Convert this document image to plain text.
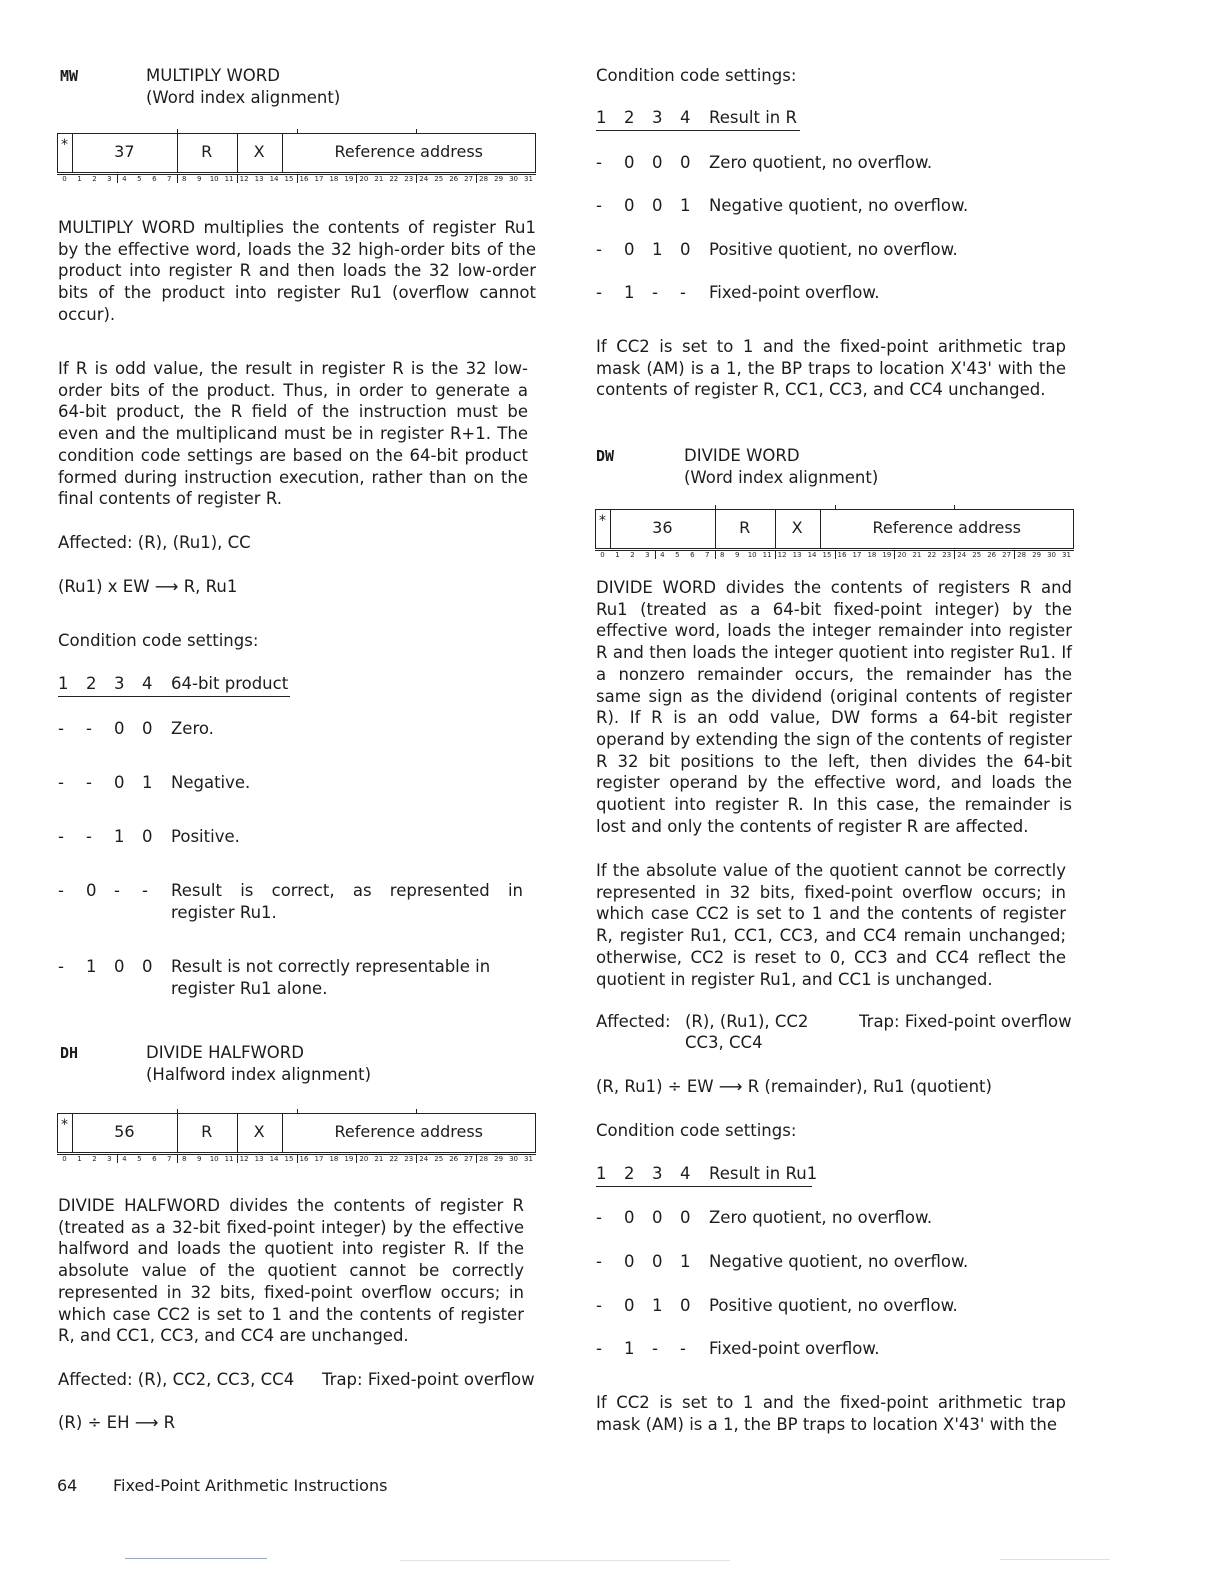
MW	MULTIPLY WORD
(Word index alignment)
*	37	R	X	Reference address
0 1 2 3 4 5 6 7 8 9 10 11 12 13 14 15 16 17 18 19 20 21 22 23 24 25 26 27 28 29 30 31
MULTIPLY WORD multiplies the contents of register Ru1 by the effective word, loads the 32 high-order bits of the product into register R and then loads the 32 low-order bits of the product into register Ru1 (overflow cannot occur).
If R is odd value, the result in register R is the 32 low-order bits of the product. Thus, in order to generate a 64-bit product, the R field of the instruction must be even and the multiplicand must be in register R+1. The condition code settings are based on the 64-bit product formed during instruction execution, rather than on the final contents of register R.
Affected: (R), (Ru1), CC
(Ru1) x EW ⟶ R, Ru1
Condition code settings:
1 2 3 4 64-bit product
- - 0 0 Zero.
- - 0 1 Negative.
- - 1 0 Positive.
- 0 - - Result is correct, as represented in register Ru1.
- 1 0 0 Result is not correctly representable in register Ru1 alone.
DH	DIVIDE HALFWORD
(Halfword index alignment)
*	56	R	X	Reference address
0 1 2 3 4 5 6 7 8 9 10 11 12 13 14 15 16 17 18 19 20 21 22 23 24 25 26 27 28 29 30 31
DIVIDE HALFWORD divides the contents of register R (treated as a 32-bit fixed-point integer) by the effective halfword and loads the quotient into register R. If the absolute value of the quotient cannot be correctly represented in 32 bits, fixed-point overflow occurs; in which case CC2 is set to 1 and the contents of register R, and CC1, CC3, and CC4 are unchanged.
Affected: (R), CC2, CC3, CC4 Trap: Fixed-point overflow
(R) ÷ EH ⟶ R
64 Fixed-Point Arithmetic Instructions
Condition code settings:
1 2 3 4 Result in R
- 0 0 0 Zero quotient, no overflow.
- 0 0 1 Negative quotient, no overflow.
- 0 1 0 Positive quotient, no overflow.
- 1 - - Fixed-point overflow.
If CC2 is set to 1 and the fixed-point arithmetic trap mask (AM) is a 1, the BP traps to location X'43' with the contents of register R, CC1, CC3, and CC4 unchanged.
DW	DIVIDE WORD
(Word index alignment)
*	36	R	X	Reference address
0 1 2 3 4 5 6 7 8 9 10 11 12 13 14 15 16 17 18 19 20 21 22 23 24 25 26 27 28 29 30 31
DIVIDE WORD divides the contents of registers R and Ru1 (treated as a 64-bit fixed-point integer) by the effective word, loads the integer remainder into register R and then loads the integer quotient into register Ru1. If a nonzero remainder occurs, the remainder has the same sign as the dividend (original contents of register R). If R is an odd value, DW forms a 64-bit register operand by extending the sign of the contents of register R 32 bit positions to the left, then divides the 64-bit register operand by the effective word, and loads the quotient into register R. In this case, the remainder is lost and only the contents of register R are affected.
If the absolute value of the quotient cannot be correctly represented in 32 bits, fixed-point overflow occurs; in which case CC2 is set to 1 and the contents of register R, register Ru1, CC1, CC3, and CC4 remain unchanged; otherwise, CC2 is reset to 0, CC3 and CC4 reflect the quotient in register Ru1, and CC1 is unchanged.
Affected: (R), (Ru1), CC2
CC3, CC4
Trap: Fixed-point overflow
(R, Ru1) ÷ EW ⟶ R (remainder), Ru1 (quotient)
Condition code settings:
1 2 3 4 Result in Ru1
- 0 0 0 Zero quotient, no overflow.
- 0 0 1 Negative quotient, no overflow.
- 0 1 0 Positive quotient, no overflow.
- 1 - - Fixed-point overflow.
If CC2 is set to 1 and the fixed-point arithmetic trap mask (AM) is a 1, the BP traps to location X'43' with the
